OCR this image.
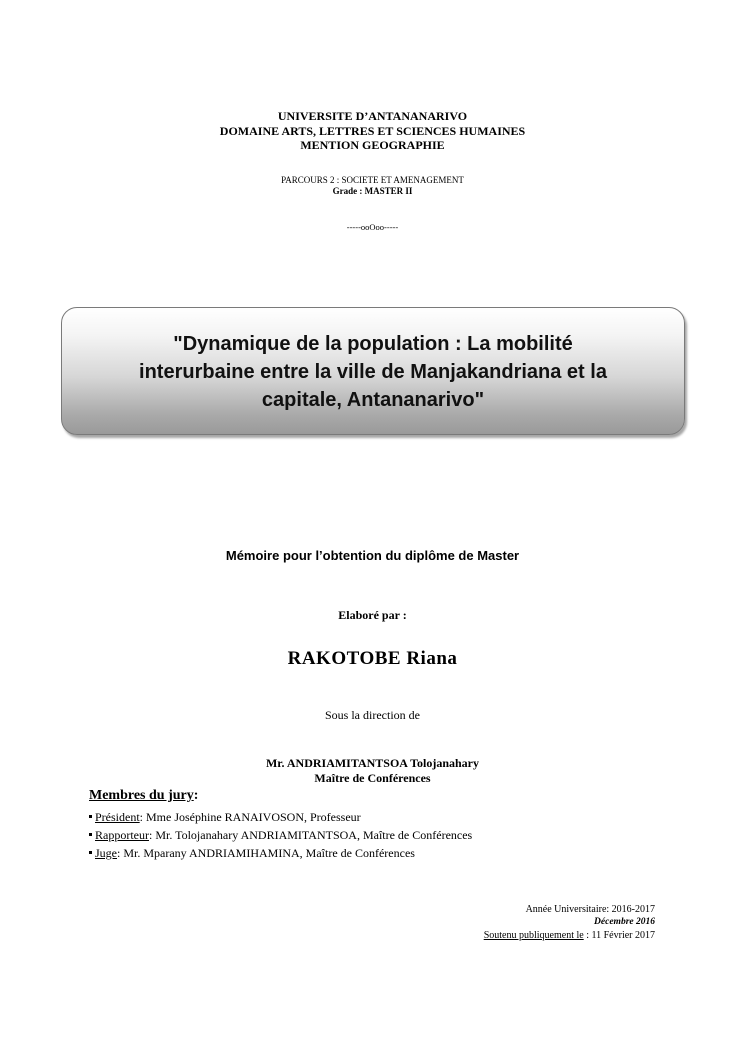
UNIVERSITE D’ANTANANARIVO
DOMAINE ARTS, LETTRES ET SCIENCES HUMAINES
MENTION GEOGRAPHIE
PARCOURS 2 : SOCIETE ET AMENAGEMENT
Grade : MASTER II
-----ooOoo-----
"Dynamique de la population : La mobilité
interurbaine entre la ville de Manjakandriana et la
capitale, Antananarivo"
Mémoire pour l’obtention du diplôme de Master
Elaboré par :
RAKOTOBE Riana
Sous la direction de
Mr. ANDRIAMITANTSOA Tolojanahary
Maître de Conférences
Membres du jury:
Président: Mme Joséphine RANAIVOSON, Professeur
Rapporteur: Mr. Tolojanahary ANDRIAMITANTSOA, Maître de Conférences
Juge: Mr. Mparany ANDRIAMIHAMINA, Maître de Conférences
Année Universitaire: 2016-2017
Décembre 2016
Soutenu publiquement le : 11 Février 2017
